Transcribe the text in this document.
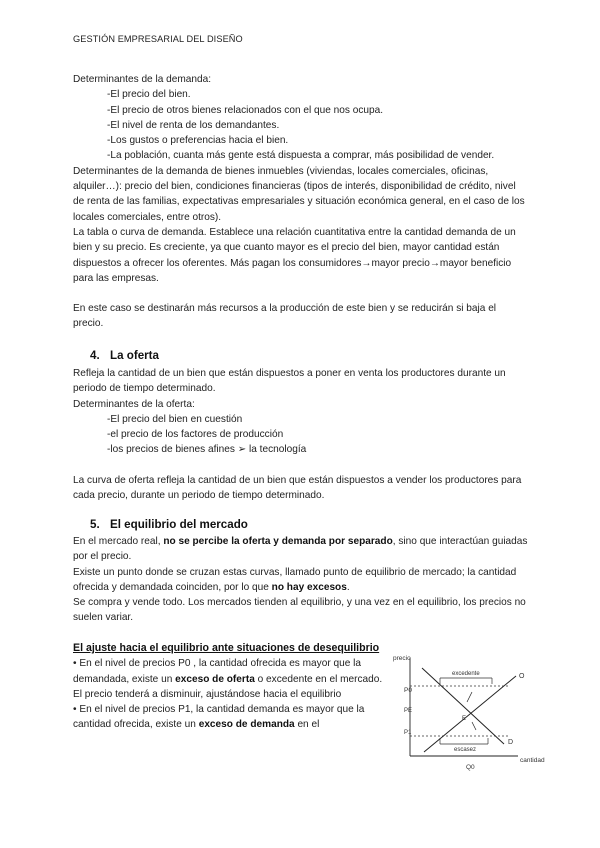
GESTIÓN EMPRESARIAL DEL DISEÑO

Determinantes de la demanda:

-El precio del bien.

-El precio de otros bienes relacionados con el que nos ocupa.

-El nivel de renta de los demandantes.

-Los gustos o preferencias hacia el bien.

-La población, cuanta más gente está dispuesta a comprar, más posibilidad de vender.

Determinantes de la demanda de bienes inmuebles (viviendas, locales comerciales, oficinas, alquiler…): precio del bien, condiciones financieras (tipos de interés, disponibilidad de crédito, nivel de renta de las familias, expectativas empresariales y situación económica general, en el caso de los locales comerciales, entre otros).

La tabla o curva de demanda. Establece una relación cuantitativa entre la cantidad demanda de un bien y su precio. Es creciente, ya que cuanto mayor es el precio del bien, mayor cantidad están dispuestos a ofrecer los oferentes. Más pagan los consumidores→mayor precio→mayor beneficio para las empresas.

En este caso se destinarán más recursos a la producción de este bien y se reducirán si baja el precio.

4. La oferta

Refleja la cantidad de un bien que están dispuestos a poner en venta los productores durante un periodo de tiempo determinado.

Determinantes de la oferta:

-El precio del bien en cuestión

-el precio de los factores de producción

-los precios de bienes afines ➢ la tecnología

La curva de oferta refleja la cantidad de un bien que están dispuestos a vender los productores para cada precio, durante un periodo de tiempo determinado.

5. El equilibrio del mercado

En el mercado real, no se percibe la oferta y demanda por separado, sino que interactúan guiadas por el precio.

Existe un punto donde se cruzan estas curvas, llamado punto de equilibrio de mercado; la cantidad ofrecida y demandada coinciden, por lo que no hay excesos.

Se compra y vende todo. Los mercados tienden al equilibrio, y una vez en el equilibrio, los precios no suelen variar.

El ajuste hacia el equilibrio ante situaciones de desequilibrio

• En el nivel de precios P0 , la cantidad ofrecida es mayor que la demandada, existe un exceso de oferta o excedente en el mercado. El precio tenderá a disminuir, ajustándose hacia el equilibrio

• En el nivel de precios P1, la cantidad demanda es mayor que la cantidad ofrecida, existe un exceso de demanda en el

precio
cantidad
P0
PE
P1
Q0
O
D
E
excedente
escasez
